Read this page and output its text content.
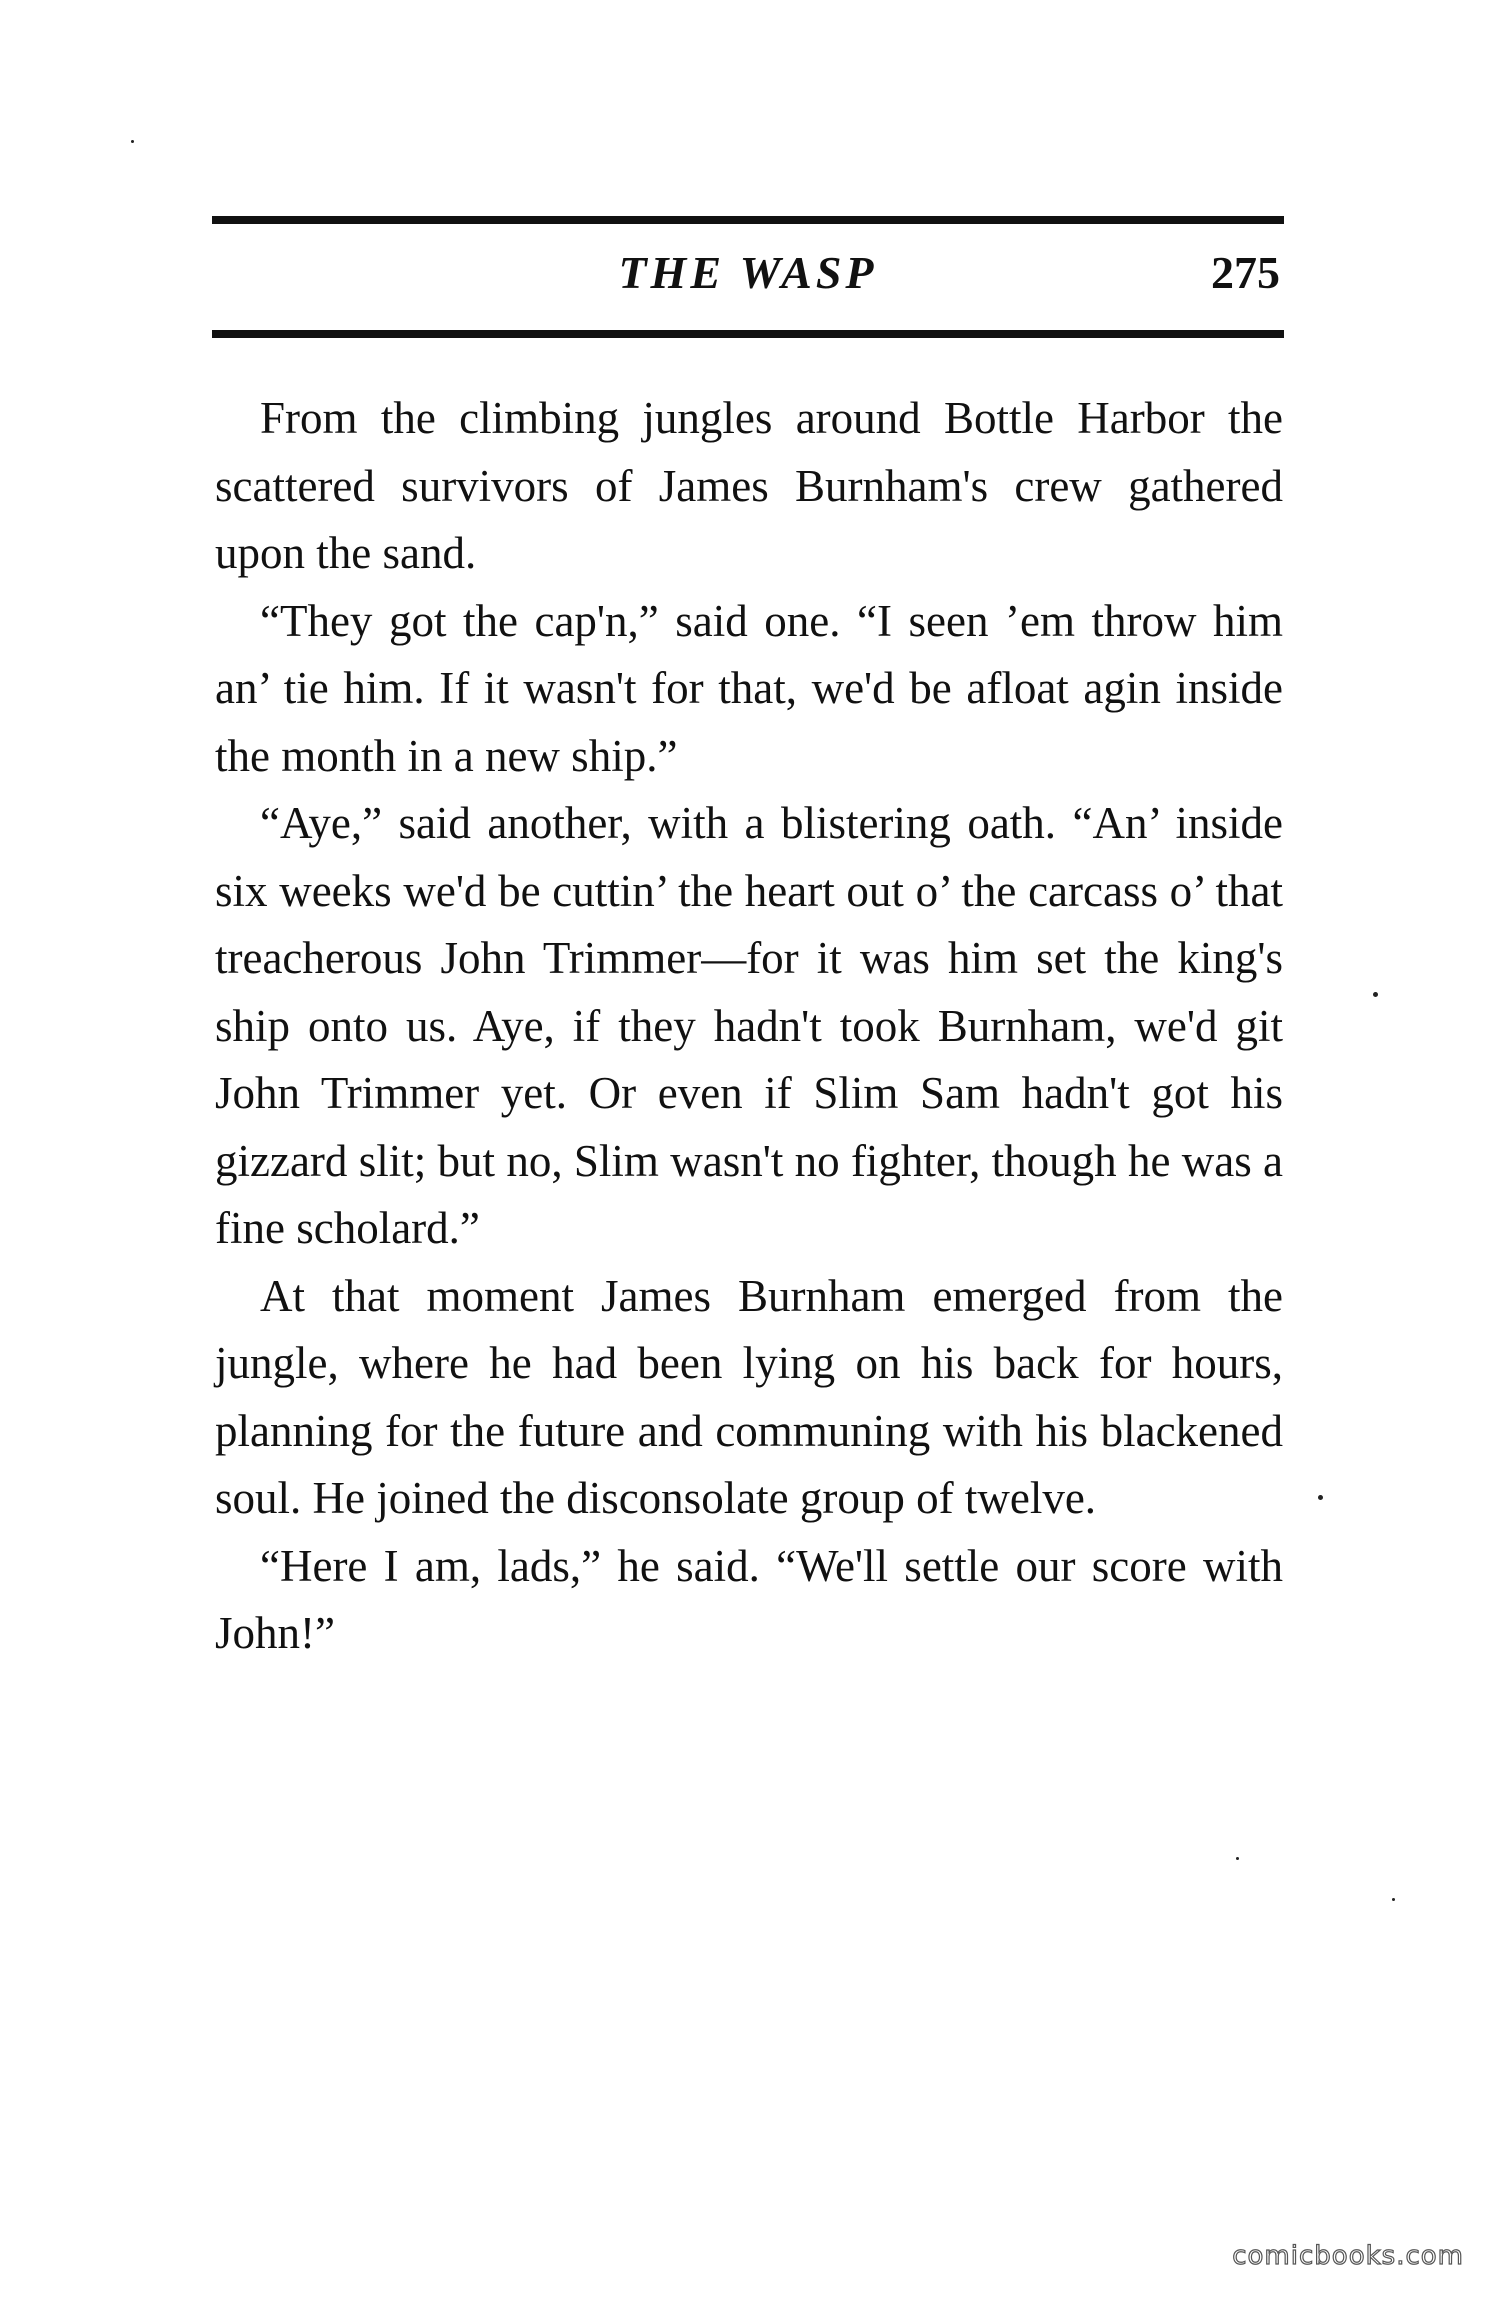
THE WASP	275

From the climbing jungles around Bottle Harbor the scattered survivors of James Burnham's crew gathered upon the sand.

“They got the cap'n,” said one. “I seen ’em throw him an’ tie him. If it wasn't for that, we'd be afloat agin inside the month in a new ship.”

“Aye,” said another, with a blistering oath. “An’ inside six weeks we'd be cuttin’ the heart out o’ the carcass o’ that treacherous John Trimmer—for it was him set the king's ship onto us. Aye, if they hadn't took Burnham, we'd git John Trimmer yet. Or even if Slim Sam hadn't got his gizzard slit; but no, Slim wasn't no fighter, though he was a fine scholard.”

At that moment James Burnham emerged from the jungle, where he had been lying on his back for hours, planning for the future and communing with his blackened soul. He joined the disconsolate group of twelve.

“Here I am, lads,” he said. “We'll settle our score with John!”

comicbooks.com
